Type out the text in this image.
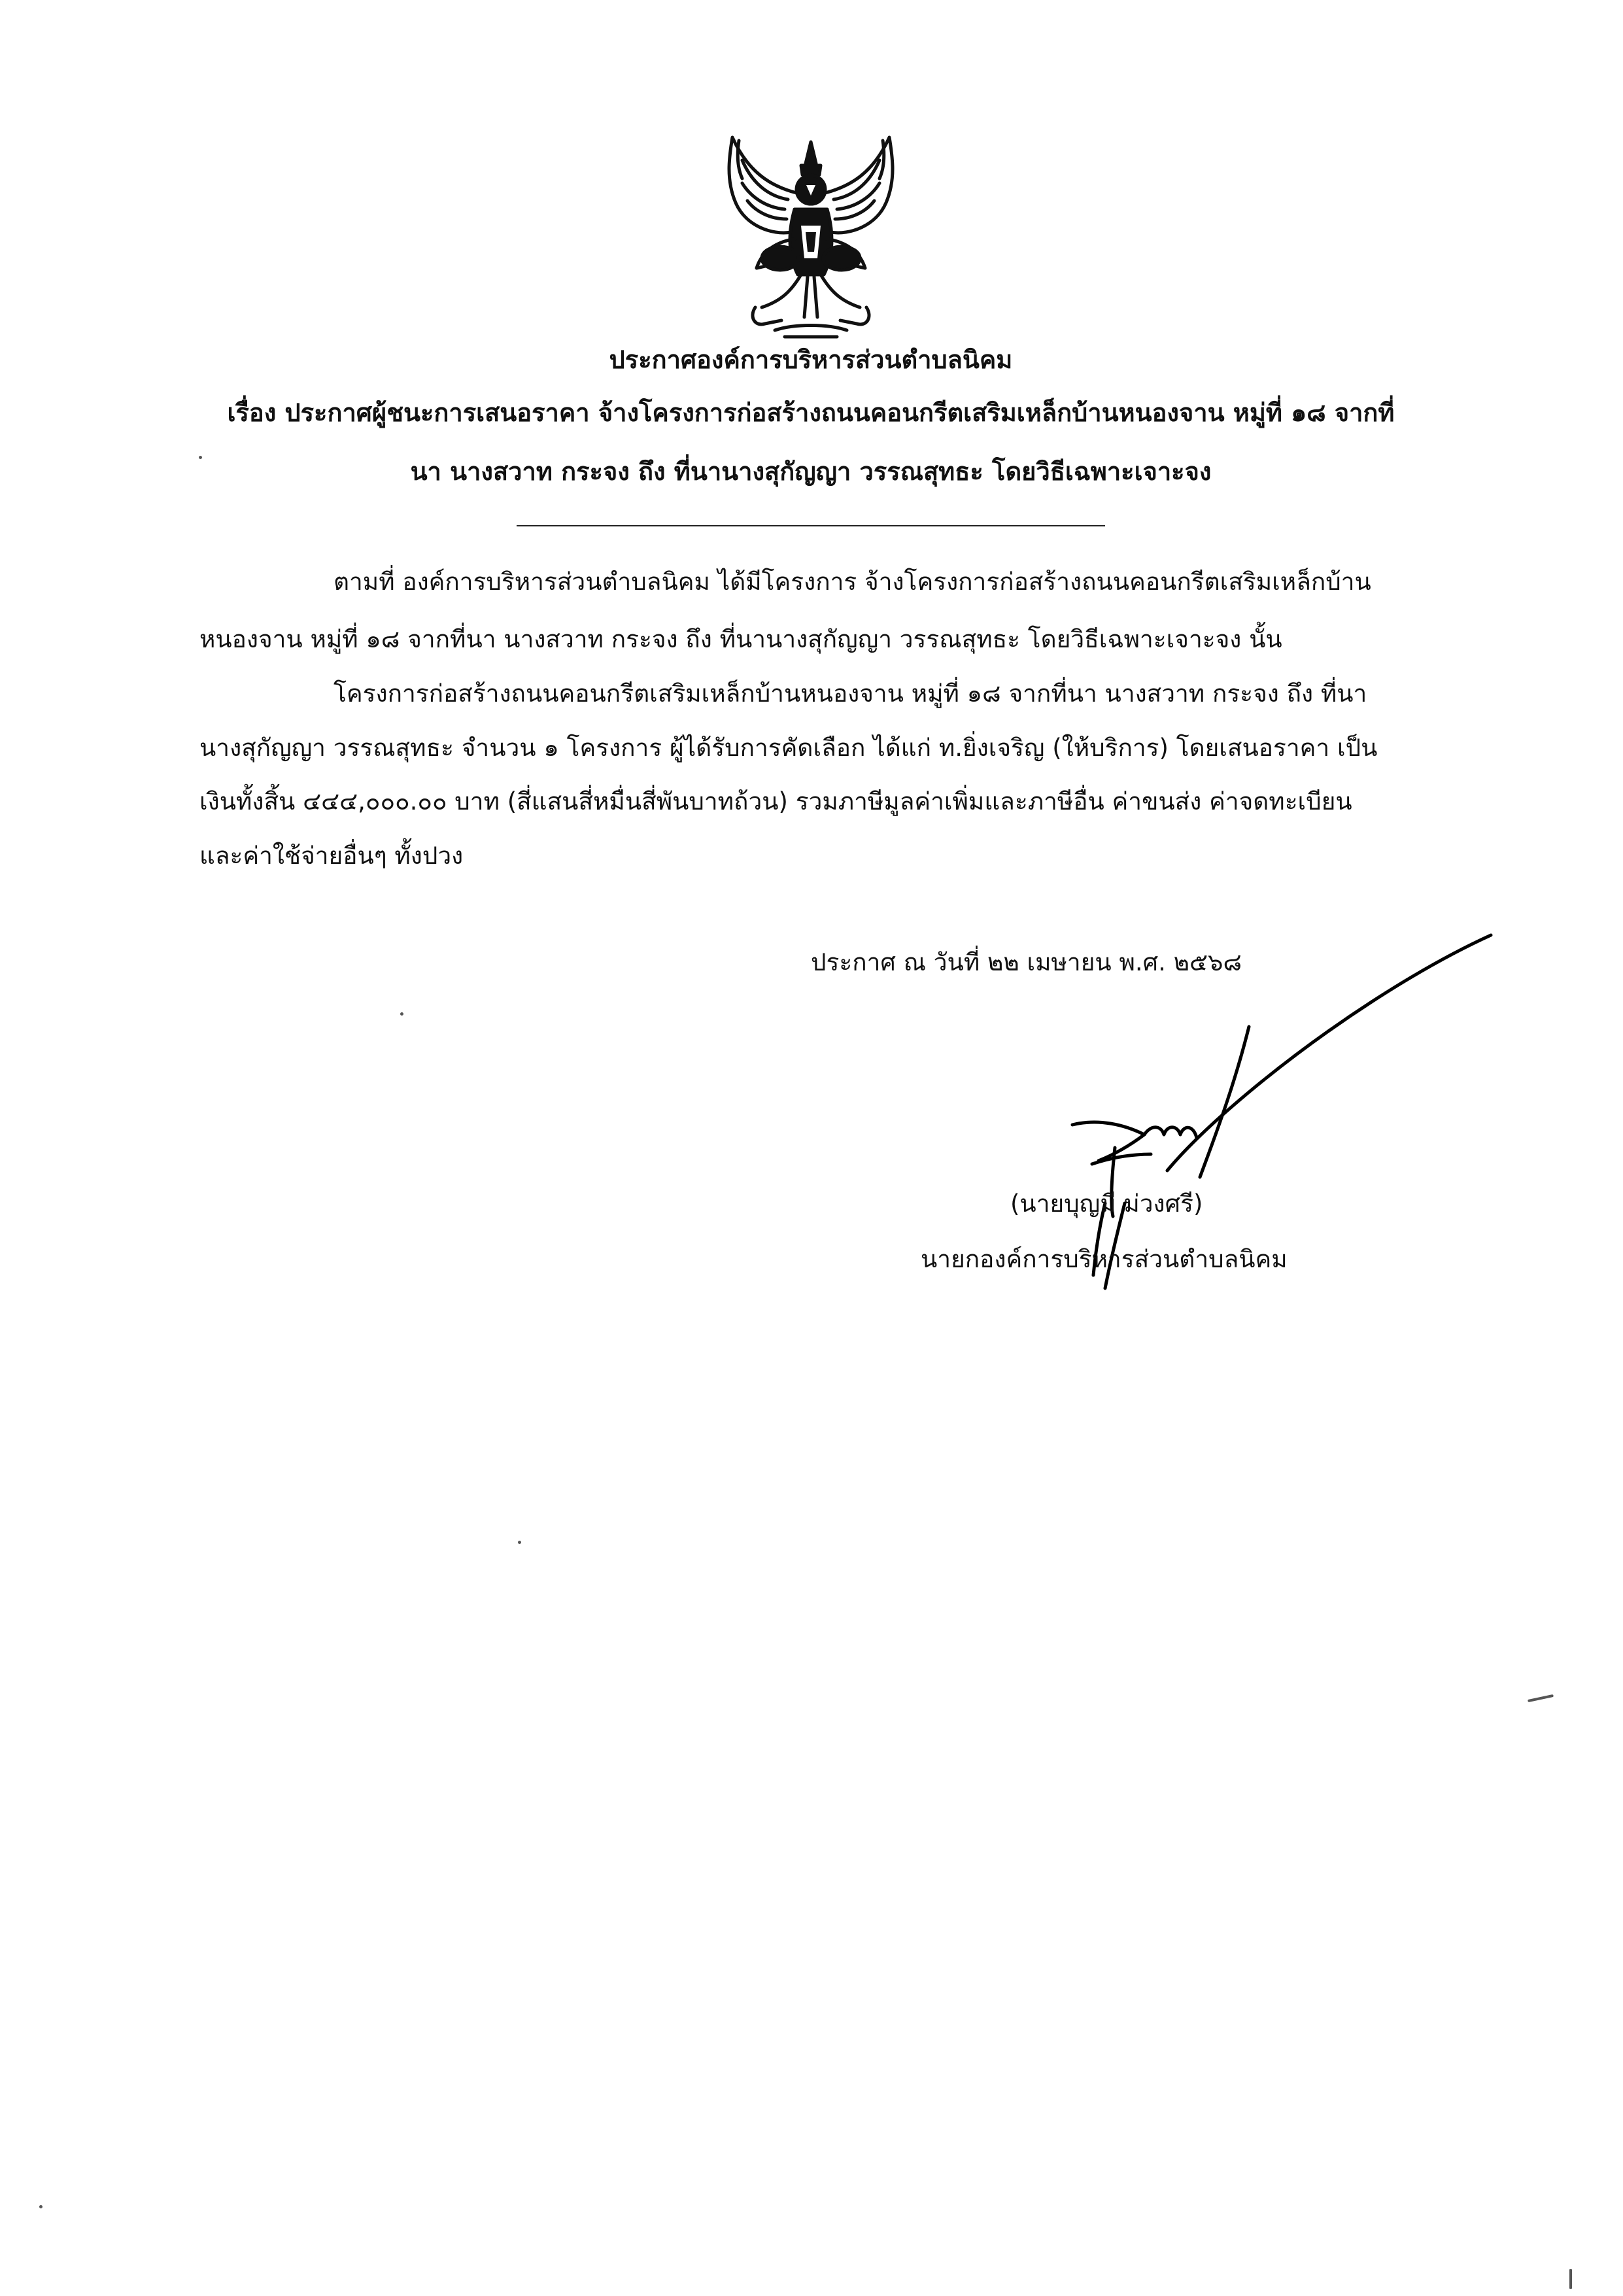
ประกาศองค์การบริหารส่วนตำบลนิคม
เรื่อง ประกาศผู้ชนะการเสนอราคา จ้างโครงการก่อสร้างถนนคอนกรีตเสริมเหล็กบ้านหนองจาน หมู่ที่ ๑๘ จากที่
นา นางสวาท กระจง ถึง ที่นานางสุกัญญา วรรณสุทธะ โดยวิธีเฉพาะเจาะจง
ตามที่ องค์การบริหารส่วนตำบลนิคม ได้มีโครงการ จ้างโครงการก่อสร้างถนนคอนกรีตเสริมเหล็กบ้าน
หนองจาน หมู่ที่ ๑๘ จากที่นา นางสวาท กระจง ถึง ที่นานางสุกัญญา วรรณสุทธะ โดยวิธีเฉพาะเจาะจง นั้น
โครงการก่อสร้างถนนคอนกรีตเสริมเหล็กบ้านหนองจาน หมู่ที่ ๑๘ จากที่นา นางสวาท กระจง ถึง ที่นา
นางสุกัญญา วรรณสุทธะ จำนวน ๑ โครงการ ผู้ได้รับการคัดเลือก ได้แก่ ท.ยิ่งเจริญ (ให้บริการ) โดยเสนอราคา เป็น
เงินทั้งสิ้น ๔๔๔,๐๐๐.๐๐ บาท (สี่แสนสี่หมื่นสี่พันบาทถ้วน) รวมภาษีมูลค่าเพิ่มและภาษีอื่น ค่าขนส่ง ค่าจดทะเบียน
และค่าใช้จ่ายอื่นๆ ทั้งปวง
ประกาศ ณ วันที่ ๒๒ เมษายน พ.ศ. ๒๕๖๘
(นายบุญมี ม่วงศรี)
นายกองค์การบริหารส่วนตำบลนิคม
